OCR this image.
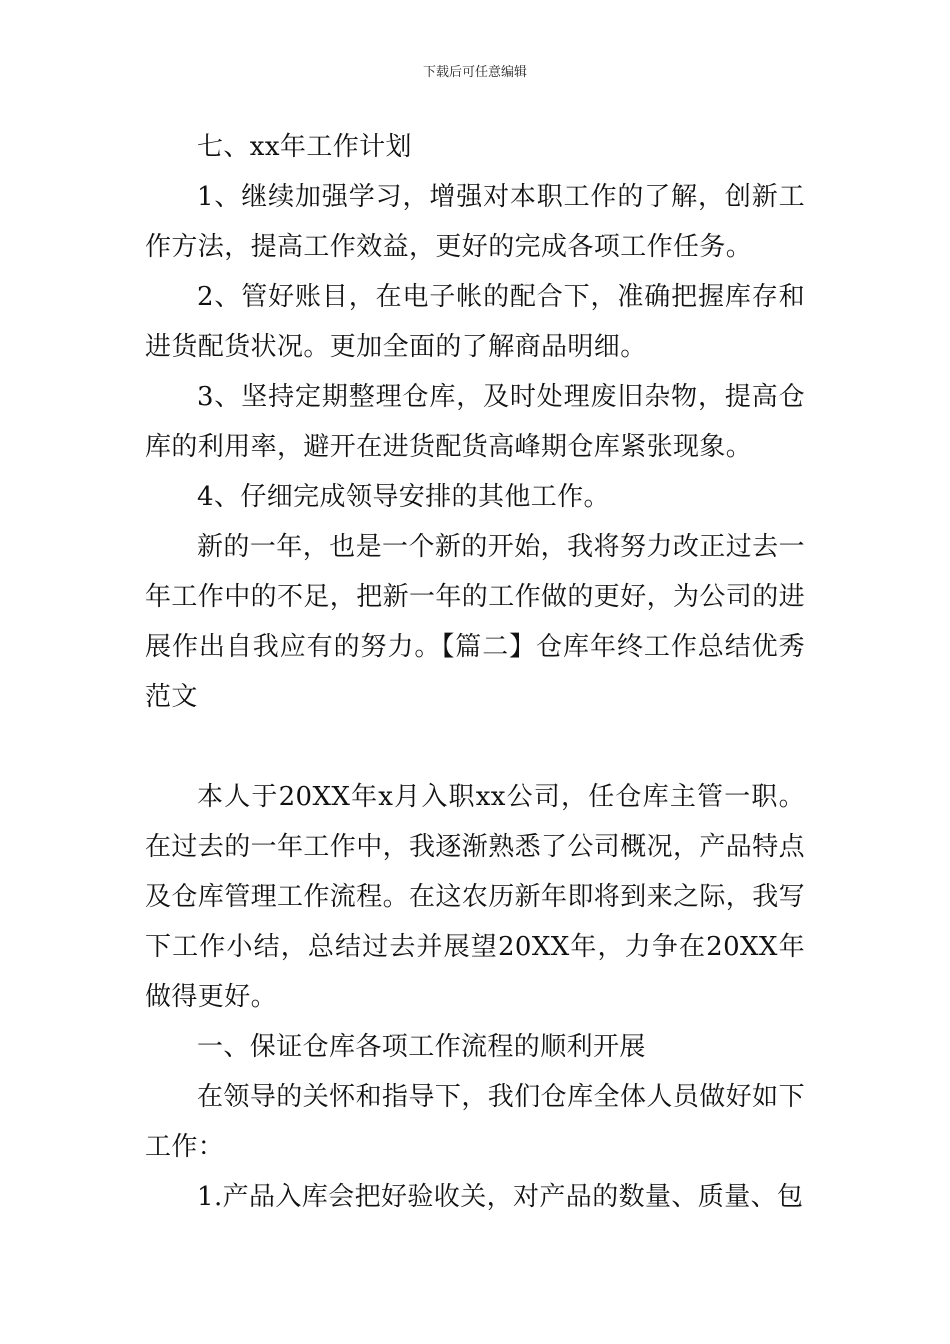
下载后可任意编辑

七、xx年工作计划

1、继续加强学习，增强对本职工作的了解，创新工作方法，提高工作效益，更好的完成各项工作任务。

2、管好账目，在电子帐的配合下，准确把握库存和进货配货状况。更加全面的了解商品明细。

3、坚持定期整理仓库，及时处理废旧杂物，提高仓库的利用率，避开在进货配货高峰期仓库紧张现象。

4、仔细完成领导安排的其他工作。

新的一年，也是一个新的开始，我将努力改正过去一年工作中的不足，把新一年的工作做的更好，为公司的进展作出自我应有的努力。【篇二】仓库年终工作总结优秀范文

本人于20XX年x月入职xx公司，任仓库主管一职。在过去的一年工作中，我逐渐熟悉了公司概况，产品特点及仓库管理工作流程。在这农历新年即将到来之际，我写下工作小结，总结过去并展望20XX年，力争在20XX年做得更好。

一、保证仓库各项工作流程的顺利开展

在领导的关怀和指导下，我们仓库全体人员做好如下工作：

1.产品入库会把好验收关，对产品的数量、质量、包
